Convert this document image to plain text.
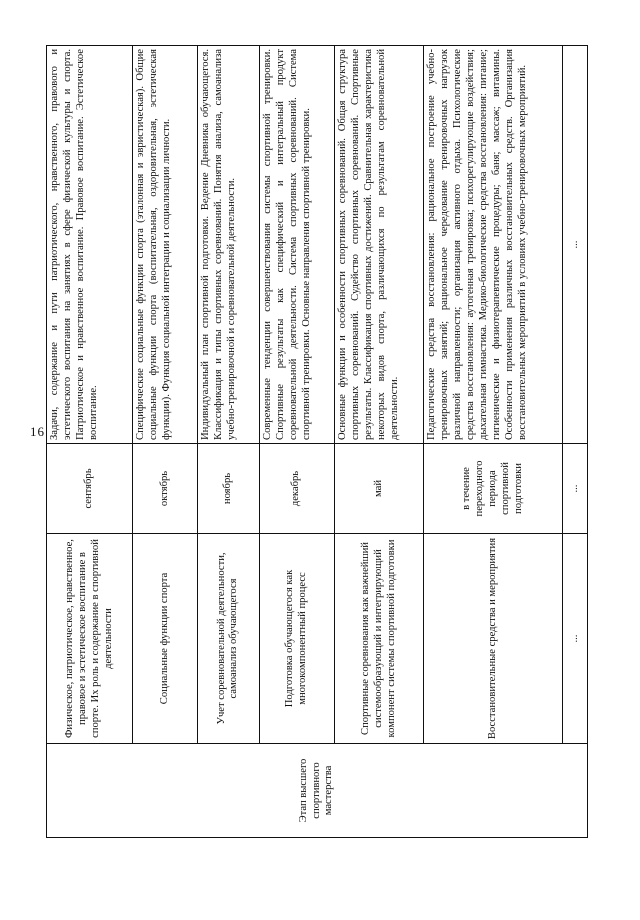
16
Этап высшего спортивного мастерства	Физическое, патриотическое, нравственное, правовое и эстетическое воспитание в спорте. Их роль и содержание в спортивной деятельности	сентябрь	Задачи, содержание и пути патриотического, нравственного, правового и эстетического воспитания на занятиях в сфере физической культуры и спорта. Патриотическое и нравственное воспитание. Правовое воспитание. Эстетическое воспитание.
	Социальные функции спорта	октябрь	Специфические социальные функции спорта (эталонная и эвристическая). Общие социальные функции спорта (воспитательная, оздоровительная, эстетическая функции). Функция социальной интеграции и социализации личности.
	Учет соревновательной деятельности, самоанализ обучающегося	ноябрь	Индивидуальный план спортивной подготовки. Ведение Дневника обучающегося. Классификация и типы спортивных соревнований. Понятия анализа, самоанализа учебно-тренировочной и соревновательной деятельности.
	Подготовка обучающегося как многокомпонентный процесс	декабрь	Современные тенденции совершенствования системы спортивной тренировки. Спортивные результаты как специфический и интегральный продукт соревновательной деятельности. Система спортивных соревнований. Система спортивной тренировки. Основные направления спортивной тренировки.
	Спортивные соревнования как важнейший системообразующий и интегрирующий компонент системы спортивной подготовки	май	Основные функции и особенности спортивных соревнований. Общая структура спортивных соревнований. Судейство спортивных соревнований. Спортивные результаты. Классификация спортивных достижений. Сравнительная характеристика некоторых видов спорта, различающихся по результатам соревновательной деятельности.
	Восстановительные средства и мероприятия	в течение переходного периода спортивной подготовки	Педагогические средства восстановления: рациональное построение учебно-тренировочных занятий; рациональное чередование тренировочных нагрузок различной направленности; организация активного отдыха. Психологические средства восстановления: аутогенная тренировка; психорегулирующие воздействия; дыхательная гимнастика. Медико-биологические средства восстановления: питание; гигиенические и физиотерапевтические процедуры; баня; массаж; витамины. Особенности применения различных восстановительных средств. Организация восстановительных мероприятий в условиях учебно-тренировочных мероприятий.
	...	...	...
